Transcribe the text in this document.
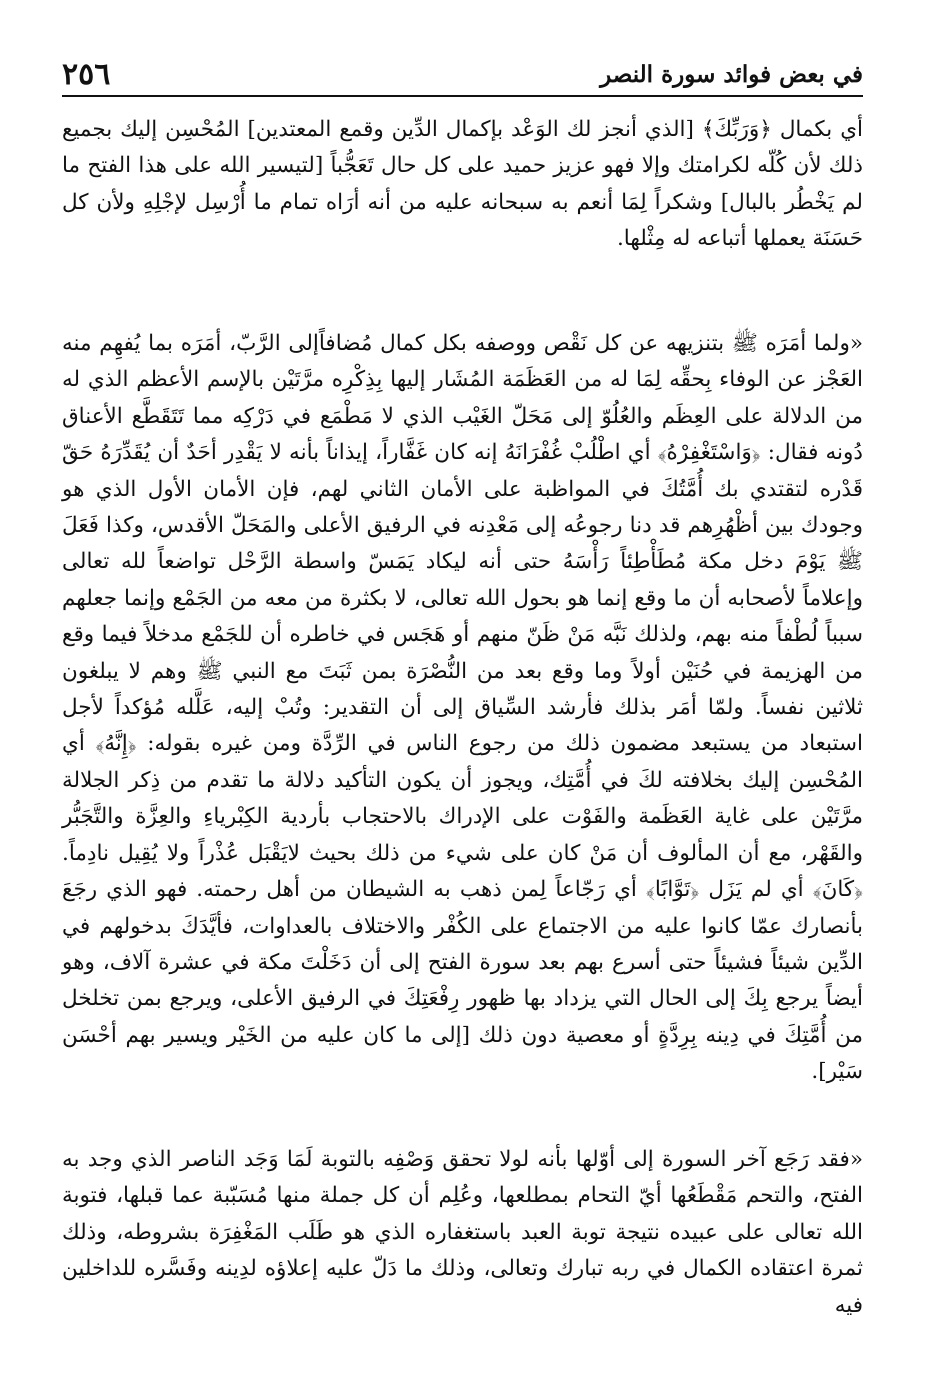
٢٥٦	في بعض فوائد سورة النصر

أي بكمال ﴿وَرَبِّكَ﴾ [الذي أنجز لك الوَعْد بإكمال الدِّين وقمع المعتدين] المُحْسِن إليك بجميع ذلك لأن كُلّه لكرامتك وإلا فهو عزيز حميد على كل حال تَعَجُّباً [لتيسير الله على هذا الفتح ما لم يَخْطُر بالبال] وشكراً لِمَا أنعم به سبحانه عليه من أنه أرَاه تمام ما أُرْسِل لإجْلِهِ ولأن كل حَسَنَة يعملها أتباعه له مِثْلها.

«ولما أمَرَه ﷺ بتنزيهه عن كل نَقْص ووصفه بكل كمال مُضافاًإلى الرَّبّ، أمَرَه بما يُفهِم منه العَجْز عن الوفاء بِحقِّه لِمَا له من العَظَمَة المُشَار إليها بِذِكْرِه مرَّتَيْن بالإسم الأعظم الذي له من الدلالة على العِظَم والعُلُوّ إلى مَحَلّ الغَيْب الذي لا مَطْمَع في دَرْكِه مما تَتَقَطَّع الأعناق دُونه فقال: ﴿وَاسْتَغْفِرْهُ﴾ أي اطْلُبْ غُفْرَانَهُ إنه كان غَفَّاراً، إيذاناً بأنه لا يَقْدِر أحَدٌ أن يُقَدِّرَهُ حَقّ قَدْره لتقتدي بك أُمَّتُكَ في المواظبة على الأمان الثاني لهم، فإن الأمان الأول الذي هو وجودك بين أظْهُرِهم قد دنا رجوعُه إلى مَعْدِنه في الرفيق الأعلى والمَحَلّ الأقدس، وكذا فَعَلَ ﷺ يَوْمَ دخل مكة مُطَأْطِئاً رَأْسَهُ حتى أنه ليكاد يَمَسّ واسطة الرَّحْل تواضعاً لله تعالى وإعلاماً لأصحابه أن ما وقع إنما هو بحول الله تعالى، لا بكثرة من معه من الجَمْع وإنما جعلهم سبباً لُطْفاً منه بهم، ولذلك نَبَّه مَنْ ظَنّ منهم أو هَجَس في خاطره أن للجَمْع مدخلاً فيما وقع من الهزيمة في حُنَيْن أولاً وما وقع بعد من النُّصْرَة بمن ثَبَتَ مع النبي ﷺ وهم لا يبلغون ثلاثين نفساً. ولمّا أمَر بذلك فأرشد السِّياق إلى أن التقدير: وتُبْ إليه، عَلَّله مُؤكداً لأجل استبعاد من يستبعد مضمون ذلك من رجوع الناس في الرِّدَّة ومن غيره بقوله: ﴿إِنَّهُ﴾ أي المُحْسِن إليك بخلافته لكَ في أُمَّتِك، ويجوز أن يكون التأكيد دلالة ما تقدم من ذِكر الجلالة مرَّتَيْن على غاية العَظَمة والفَوْت على الإدراك بالاحتجاب بأردية الكِبْرياءِ والعِزَّة والتَّجَبُّر والقَهْر، مع أن المألوف أن مَنْ كان على شيء من ذلك بحيث لايَقْبَل عُذْراً ولا يُقِيل نادِماً. ﴿كَانَ﴾ أي لم يَزَل ﴿تَوَّابًا﴾ أي رَجّاعاً لِمن ذهب به الشيطان من أهل رحمته. فهو الذي رجَعَ بأنصارك عمّا كانوا عليه من الاجتماع على الكُفْر والاختلاف بالعداوات، فأيَّدَكَ بدخولهم في الدِّين شيئاً فشيئاً حتى أسرع بهم بعد سورة الفتح إلى أن دَخَلْتَ مكة في عشرة آلاف، وهو أيضاً يرجع بِكَ إلى الحال التي يزداد بها ظهور رِفْعَتِكَ في الرفيق الأعلى، ويرجع بمن تخلخل من أُمَّتِكَ في دِينه بِرِدَّةٍ أو معصية دون ذلك [إلى ما كان عليه من الخَيْر ويسير بهم أحْسَن سَيْر].

«فقد رَجَع آخر السورة إلى أوّلها بأنه لولا تحقق وَصْفِه بالتوبة لَمَا وَجَد الناصر الذي وجد به الفتح، والتحم مَقْطَعُها أيّ التحام بمطلعها، وعُلِم أن كل جملة منها مُسَبّبة عما قبلها، فتوبة الله تعالى على عبيده نتيجة توبة العبد باستغفاره الذي هو طَلَب المَغْفِرَة بشروطه، وذلك ثمرة اعتقاده الكمال في ربه تبارك وتعالى، وذلك ما دَلّ عليه إعلاؤه لدِينه وفَسَّره للداخلين فيه
